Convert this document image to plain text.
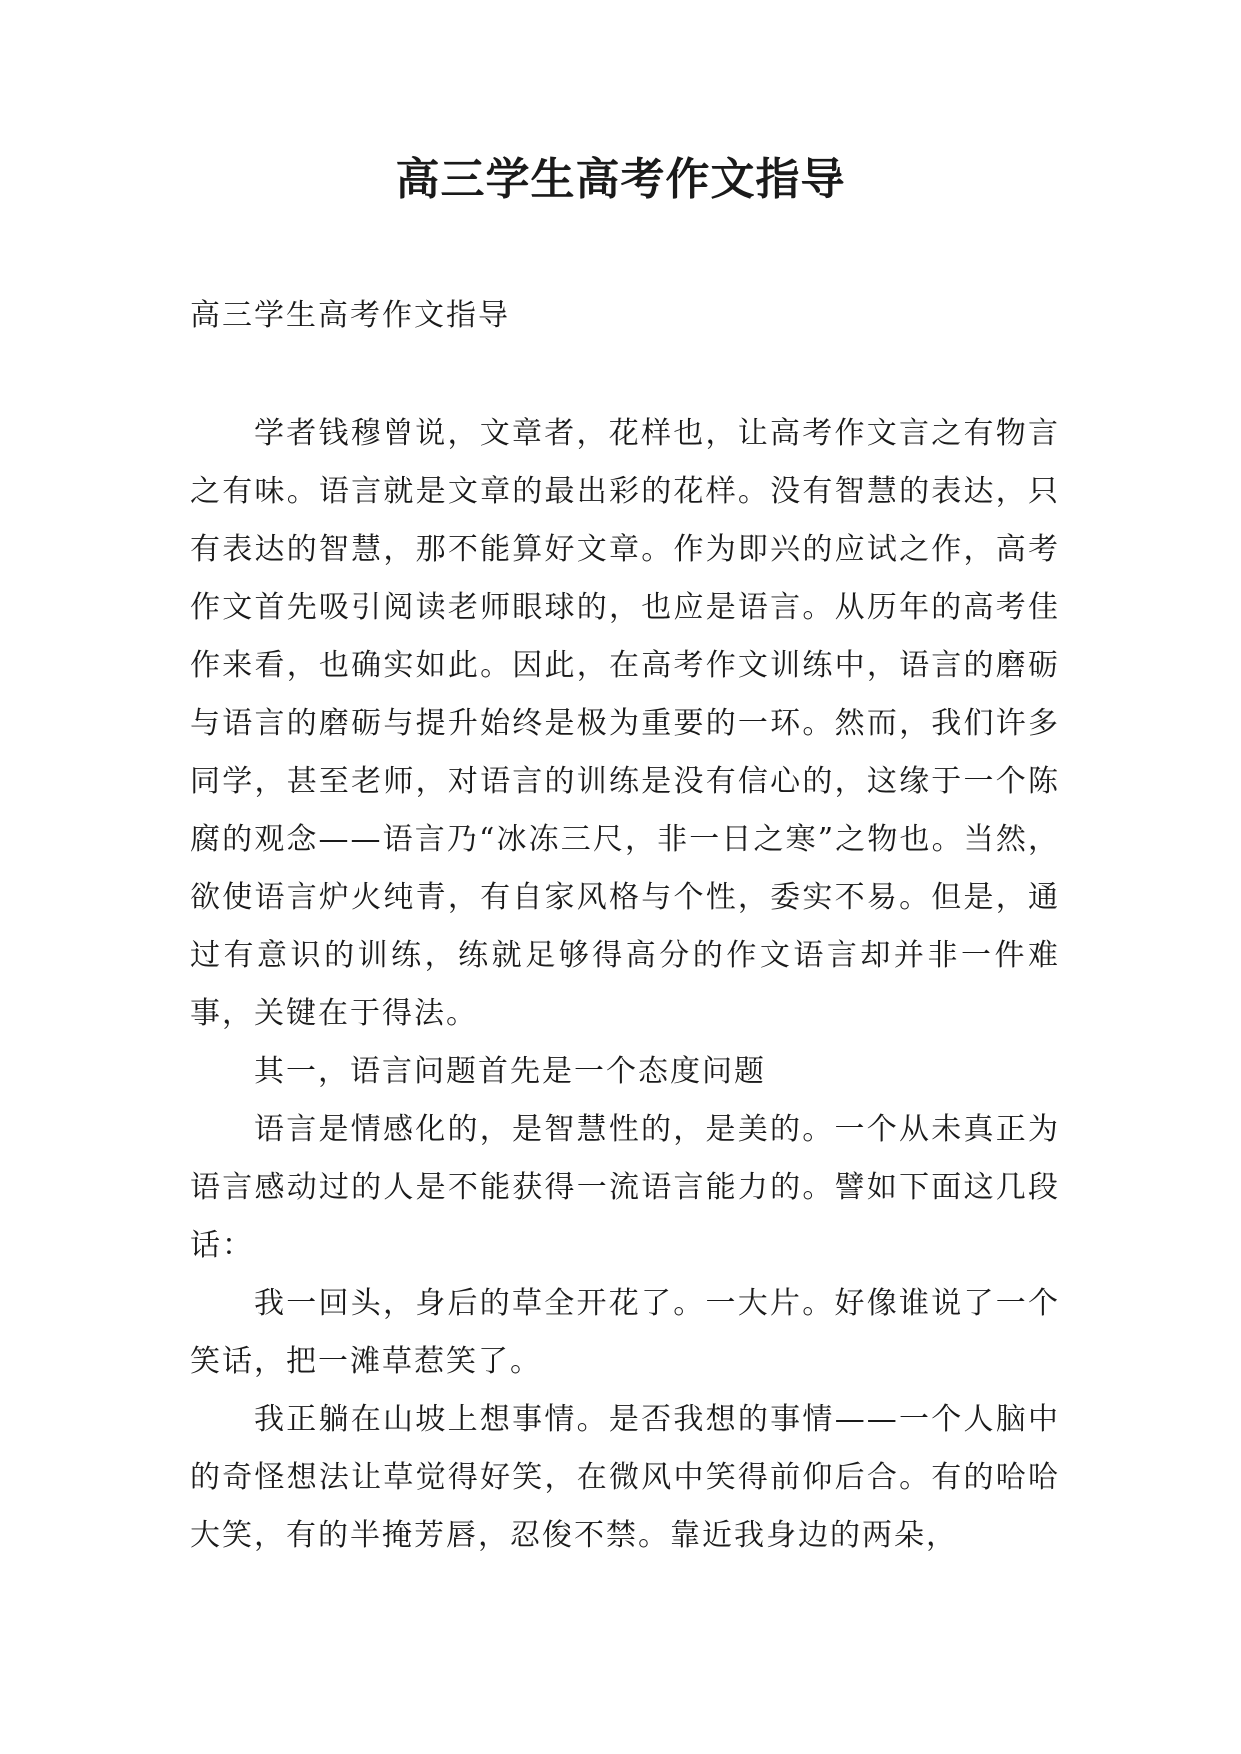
高三学生高考作文指导
高三学生高考作文指导

学者钱穆曾说，文章者，花样也，让高考作文言之有物言之有味。语言就是文章的最出彩的花样。没有智慧的表达，只有表达的智慧，那不能算好文章。作为即兴的应试之作，高考作文首先吸引阅读老师眼球的，也应是语言。从历年的高考佳作来看，也确实如此。因此，在高考作文训练中，语言的磨砺与语言的磨砺与提升始终是极为重要的一环。然而，我们许多同学，甚至老师，对语言的训练是没有信心的，这缘于一个陈腐的观念——语言乃“冰冻三尺，非一日之寒”之物也。当然，欲使语言炉火纯青，有自家风格与个性，委实不易。但是，通过有意识的训练，练就足够得高分的作文语言却并非一件难事，关键在于得法。

其一，语言问题首先是一个态度问题

语言是情感化的，是智慧性的，是美的。一个从未真正为语言感动过的人是不能获得一流语言能力的。譬如下面这几段话：

我一回头，身后的草全开花了。一大片。好像谁说了一个笑话，把一滩草惹笑了。

我正躺在山坡上想事情。是否我想的事情——一个人脑中的奇怪想法让草觉得好笑，在微风中笑得前仰后合。有的哈哈大笑，有的半掩芳唇，忍俊不禁。靠近我身边的两朵，
